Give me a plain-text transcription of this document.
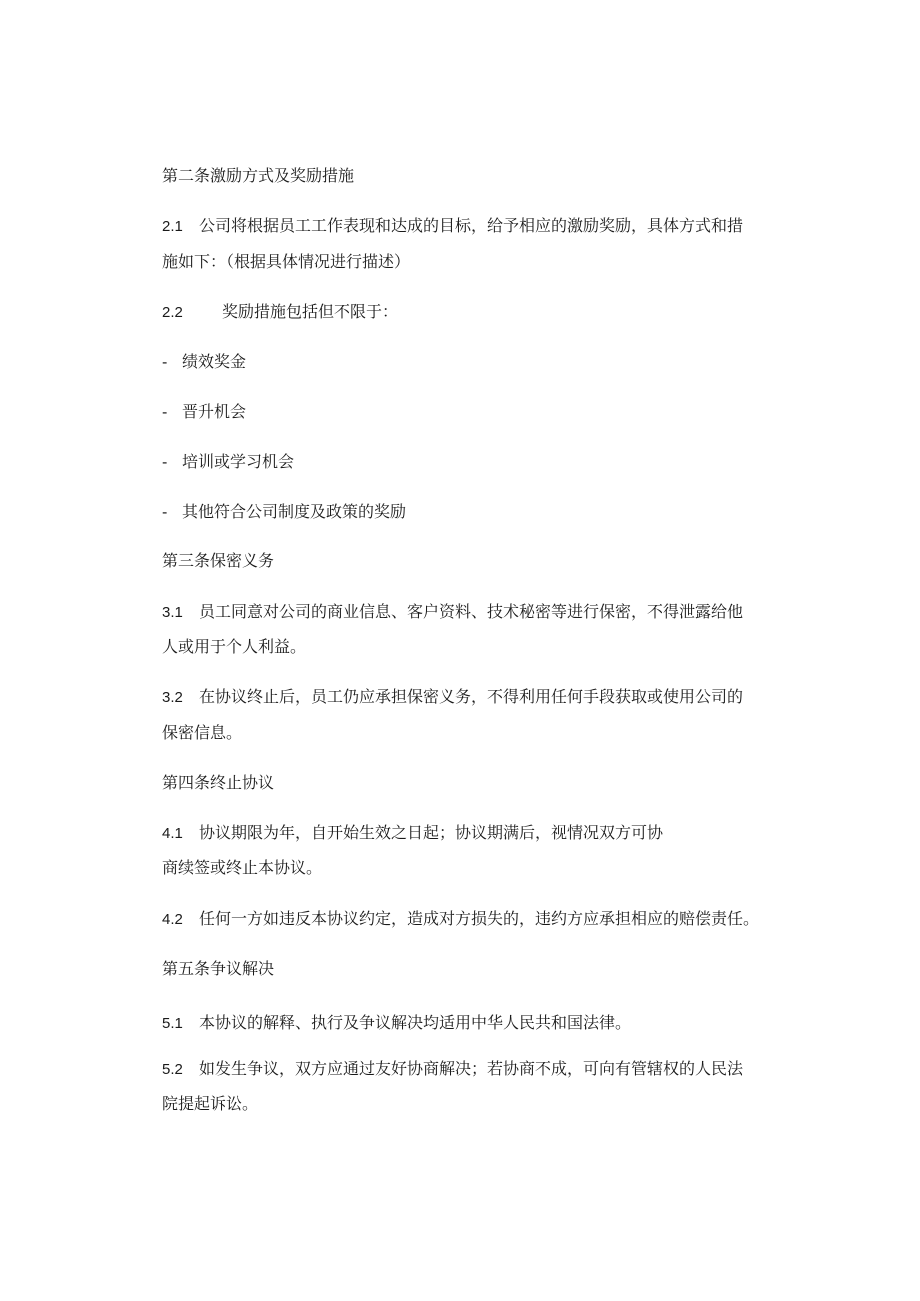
第二条激励方式及奖励措施
2.1 公司将根据员工工作表现和达成的目标，给予相应的激励奖励，具体方式和措
施如下：（根据具体情况进行描述）
2.2 奖励措施包括但不限于：
- 绩效奖金
- 晋升机会
- 培训或学习机会
- 其他符合公司制度及政策的奖励
第三条保密义务
3.1 员工同意对公司的商业信息、客户资料、技术秘密等进行保密，不得泄露给他
人或用于个人利益。
3.2 在协议终止后，员工仍应承担保密义务，不得利用任何手段获取或使用公司的
保密信息。
第四条终止协议
4.1 协议期限为年，自开始生效之日起；协议期满后，视情况双方可协
商续签或终止本协议。
4.2 任何一方如违反本协议约定，造成对方损失的，违约方应承担相应的赔偿责任。
第五条争议解决
5.1 本协议的解释、执行及争议解决均适用中华人民共和国法律。
5.2 如发生争议，双方应通过友好协商解决；若协商不成，可向有管辖权的人民法
院提起诉讼。
